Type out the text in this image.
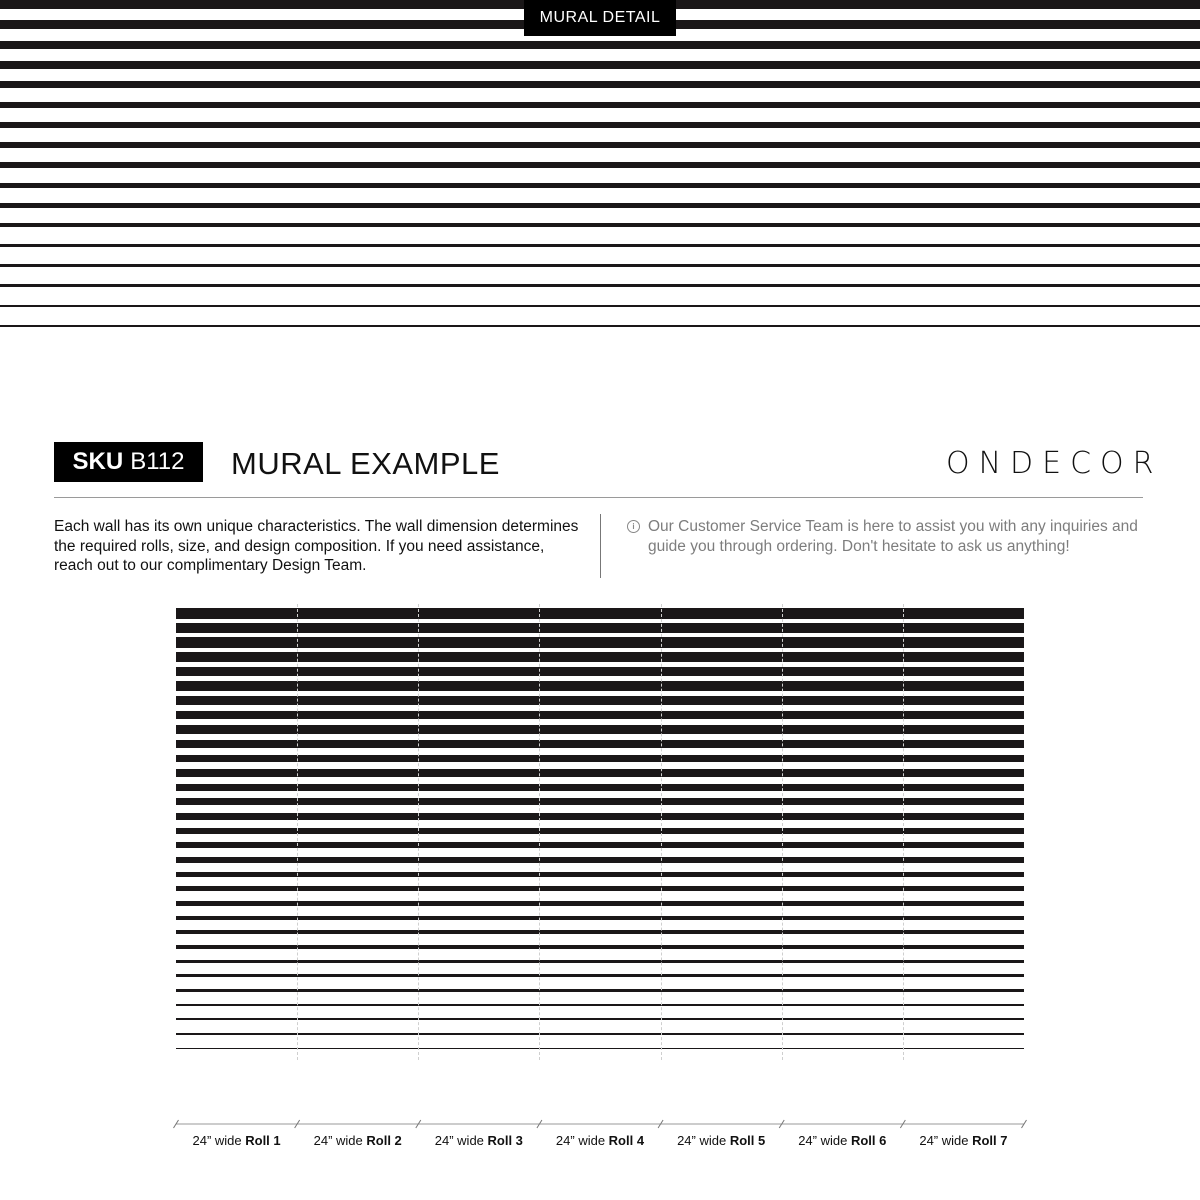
MURAL DETAIL
SKU B112 MURAL EXAMPLE	ONDECOR
Each wall has its own unique characteristics. The wall dimension determines the required rolls, size, and design composition. If you need assistance, reach out to our complimentary Design Team.
i Our Customer Service Team is here to assist you with any inquiries and guide you through ordering. Don't hesitate to ask us anything!
24” wide Roll 1	24” wide Roll 2	24” wide Roll 3	24” wide Roll 4	24” wide Roll 5	24” wide Roll 6	24” wide Roll 7
